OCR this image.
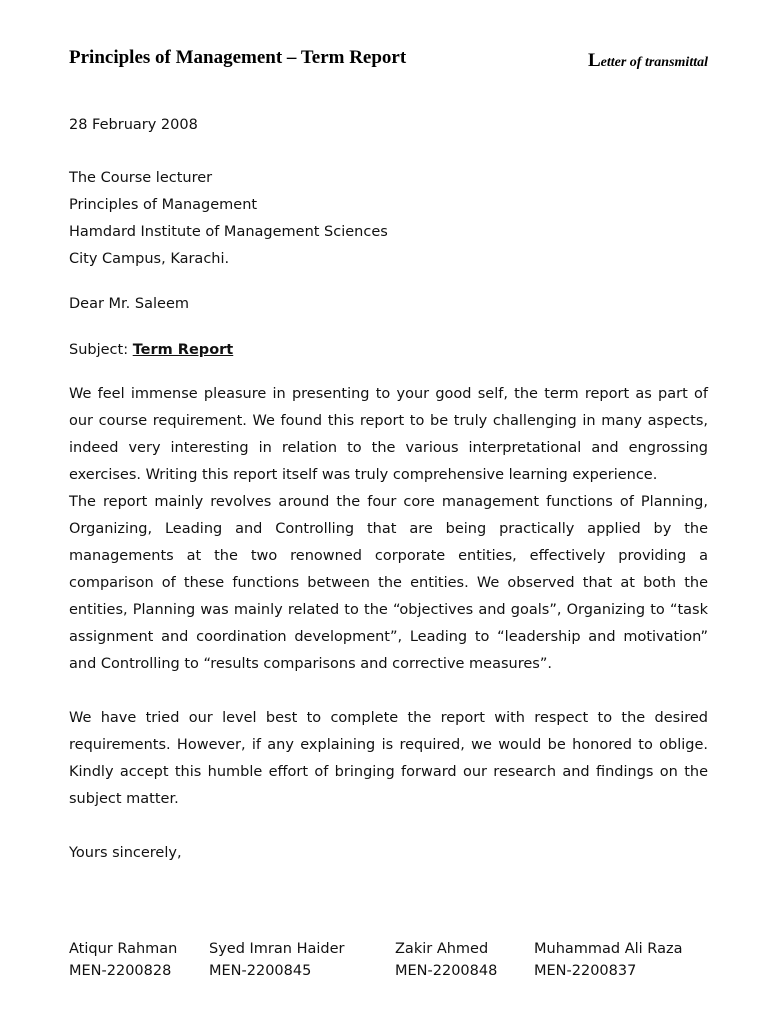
Principles of Management – Term Report	Letter of transmittal
28 February 2008
The Course lecturer
Principles of Management
Hamdard Institute of Management Sciences
City Campus, Karachi.
Dear Mr. Saleem
Subject: Term Report
We feel immense pleasure in presenting to your good self, the term report as part of our course requirement. We found this report to be truly challenging in many aspects, indeed very interesting in relation to the various interpretational and engrossing exercises. Writing this report itself was truly comprehensive learning experience.
The report mainly revolves around the four core management functions of Planning, Organizing, Leading and Controlling that are being practically applied by the managements at the two renowned corporate entities, effectively providing a comparison of these functions between the entities. We observed that at both the entities, Planning was mainly related to the “objectives and goals”, Organizing to “task assignment and coordination development”, Leading to “leadership and motivation” and Controlling to “results comparisons and corrective measures”.
We have tried our level best to complete the report with respect to the desired requirements. However, if any explaining is required, we would be honored to oblige. Kindly accept this humble effort of bringing forward our research and findings on the subject matter.
Yours sincerely,
Atiqur Rahman
MEN-2200828
Syed Imran Haider
MEN-2200845
Zakir Ahmed
MEN-2200848
Muhammad Ali Raza
MEN-2200837
